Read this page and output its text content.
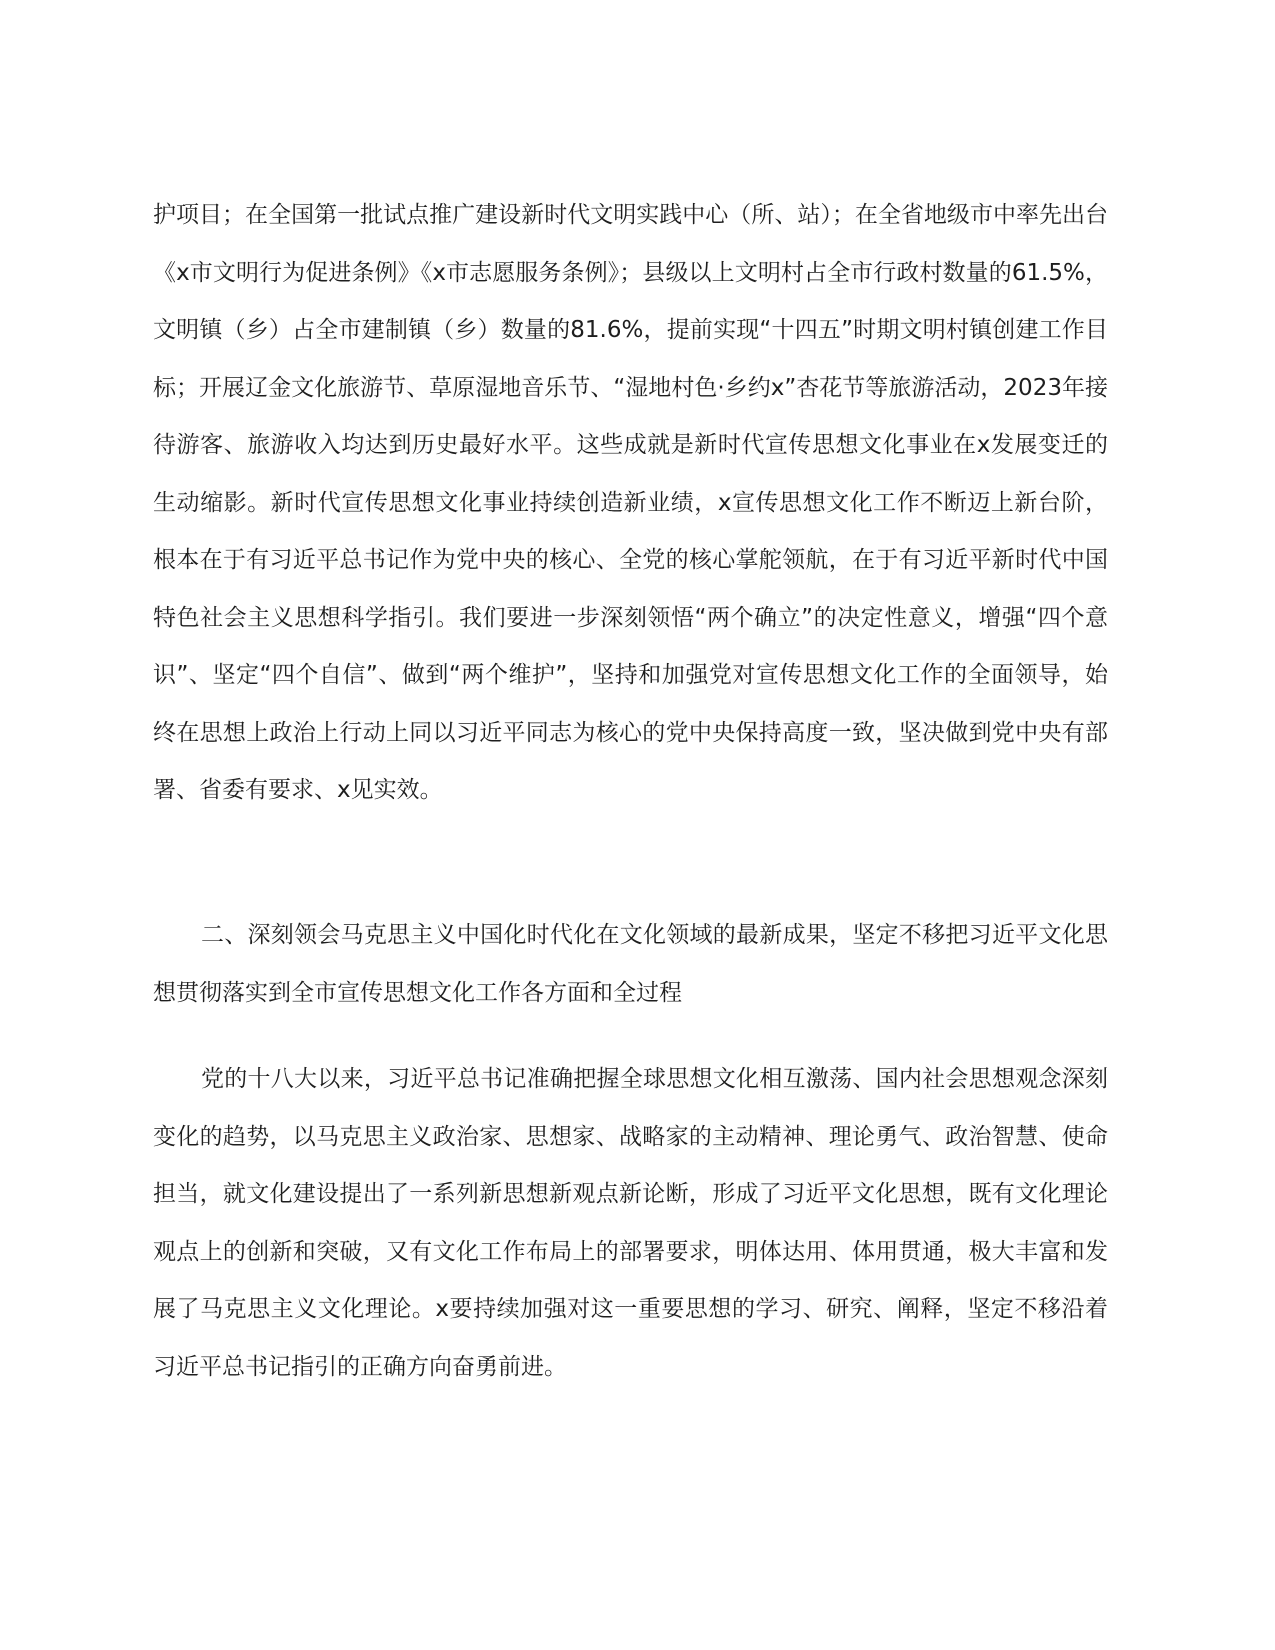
护项目；在全国第一批试点推广建设新时代文明实践中心（所、站）；在全省地级市中率先出台《x市文明行为促进条例》《x市志愿服务条例》；县级以上文明村占全市行政村数量的61.5%，文明镇（乡）占全市建制镇（乡）数量的81.6%，提前实现“十四五”时期文明村镇创建工作目标；开展辽金文化旅游节、草原湿地音乐节、“湿地村色·乡约x”杏花节等旅游活动，2023年接待游客、旅游收入均达到历史最好水平。这些成就是新时代宣传思想文化事业在x发展变迁的生动缩影。新时代宣传思想文化事业持续创造新业绩，x宣传思想文化工作不断迈上新台阶，根本在于有习近平总书记作为党中央的核心、全党的核心掌舵领航，在于有习近平新时代中国特色社会主义思想科学指引。我们要进一步深刻领悟“两个确立”的决定性意义，增强“四个意识”、坚定“四个自信”、做到“两个维护”，坚持和加强党对宣传思想文化工作的全面领导，始终在思想上政治上行动上同以习近平同志为核心的党中央保持高度一致，坚决做到党中央有部署、省委有要求、x见实效。

二、深刻领会马克思主义中国化时代化在文化领域的最新成果，坚定不移把习近平文化思想贯彻落实到全市宣传思想文化工作各方面和全过程

党的十八大以来，习近平总书记准确把握全球思想文化相互激荡、国内社会思想观念深刻变化的趋势，以马克思主义政治家、思想家、战略家的主动精神、理论勇气、政治智慧、使命担当，就文化建设提出了一系列新思想新观点新论断，形成了习近平文化思想，既有文化理论观点上的创新和突破，又有文化工作布局上的部署要求，明体达用、体用贯通，极大丰富和发展了马克思主义文化理论。x要持续加强对这一重要思想的学习、研究、阐释，坚定不移沿着习近平总书记指引的正确方向奋勇前进。
